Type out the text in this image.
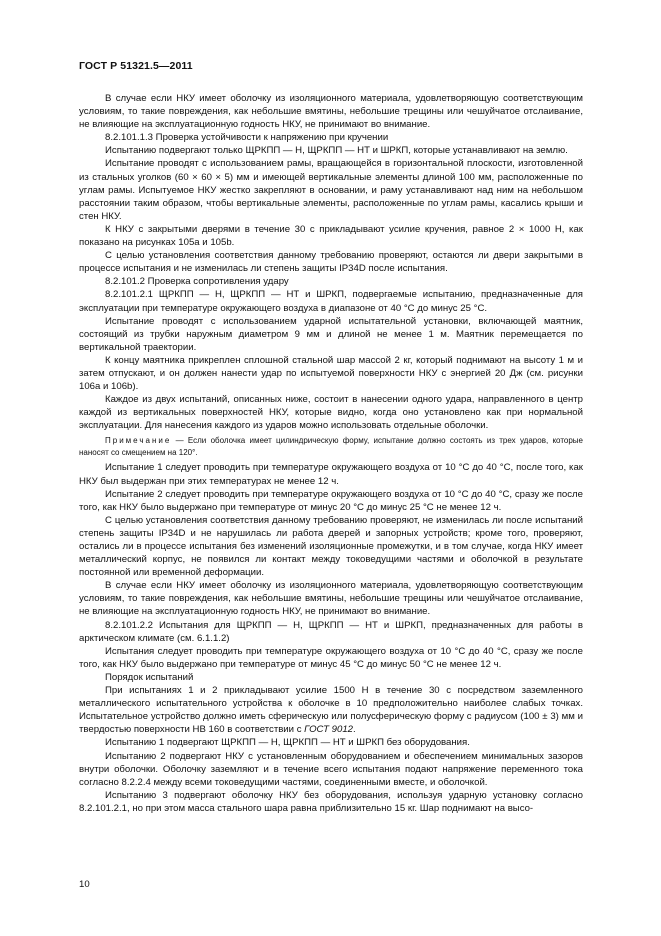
ГОСТ Р 51321.5—2011

В случае если НКУ имеет оболочку из изоляционного материала, удовлетворяющую соответствующим условиям, то такие повреждения, как небольшие вмятины, небольшие трещины или чешуйчатое отслаивание, не влияющие на эксплуатационную годность НКУ, не принимают во внимание.

8.2.101.1.3 Проверка устойчивости к напряжению при кручении

Испытанию подвергают только ЩРКПП — Н, ЩРКПП — НТ и ШРКП, которые устанавливают на землю.

Испытание проводят с использованием рамы, вращающейся в горизонтальной плоскости, изготовленной из стальных уголков (60 × 60 × 5) мм и имеющей вертикальные элементы длиной 100 мм, расположенные по углам рамы. Испытуемое НКУ жестко закрепляют в основании, и раму устанавливают над ним на небольшом расстоянии таким образом, чтобы вертикальные элементы, расположенные по углам рамы, касались крыши и стен НКУ.

К НКУ с закрытыми дверями в течение 30 с прикладывают усилие кручения, равное 2 × 1000 Н, как показано на рисунках 105а и 105b.

С целью установления соответствия данному требованию проверяют, остаются ли двери закрытыми в процессе испытания и не изменилась ли степень защиты IP34D после испытания.

8.2.101.2 Проверка сопротивления удару

8.2.101.2.1 ЩРКПП — Н, ЩРКПП — НТ и ШРКП, подвергаемые испытанию, предназначенные для эксплуатации при температуре окружающего воздуха в диапазоне от 40 °С до минус 25 °С.

Испытание проводят с использованием ударной испытательной установки, включающей маятник, состоящий из трубки наружным диаметром 9 мм и длиной не менее 1 м. Маятник перемещается по вертикальной траектории.

К концу маятника прикреплен сплошной стальной шар массой 2 кг, который поднимают на высоту 1 м и затем отпускают, и он должен нанести удар по испытуемой поверхности НКУ с энергией 20 Дж (см. рисунки 106а и 106b).

Каждое из двух испытаний, описанных ниже, состоит в нанесении одного удара, направленного в центр каждой из вертикальных поверхностей НКУ, которые видно, когда оно установлено как при нормальной эксплуатации. Для нанесения каждого из ударов можно использовать отдельные оболочки.

Примечание — Если оболочка имеет цилиндрическую форму, испытание должно состоять из трех ударов, которые наносят со смещением на 120°.

Испытание 1 следует проводить при температуре окружающего воздуха от 10 °С до 40 °С, после того, как НКУ был выдержан при этих температурах не менее 12 ч.

Испытание 2 следует проводить при температуре окружающего воздуха от 10 °С до 40 °С, сразу же после того, как НКУ было выдержано при температуре от минус 20 °С до минус 25 °С не менее 12 ч.

С целью установления соответствия данному требованию проверяют, не изменилась ли после испытаний степень защиты IP34D и не нарушилась ли работа дверей и запорных устройств; кроме того, проверяют, остались ли в процессе испытания без изменений изоляционные промежутки, и в том случае, когда НКУ имеет металлический корпус, не появился ли контакт между токоведущими частями и оболочкой в результате постоянной или временной деформации.

В случае если НКУ имеет оболочку из изоляционного материала, удовлетворяющую соответствующим условиям, то такие повреждения, как небольшие вмятины, небольшие трещины или чешуйчатое отслаивание, не влияющие на эксплуатационную годность НКУ, не принимают во внимание.

8.2.101.2.2 Испытания для ЩРКПП — Н, ЩРКПП — НТ и ШРКП, предназначенных для работы в арктическом климате (см. 6.1.1.2)

Испытания следует проводить при температуре окружающего воздуха от 10 °С до 40 °С, сразу же после того, как НКУ было выдержано при температуре от минус 45 °С до минус 50 °С не менее 12 ч.

Порядок испытаний

При испытаниях 1 и 2 прикладывают усилие 1500 Н в течение 30 с посредством заземленного металлического испытательного устройства к оболочке в 10 предположительно наиболее слабых точках. Испытательное устройство должно иметь сферическую или полусферическую форму с радиусом (100 ± 3) мм и твердостью поверхности НВ 160 в соответствии с ГОСТ 9012.

Испытанию 1 подвергают ЩРКПП — Н, ЩРКПП — НТ и ШРКП без оборудования.

Испытанию 2 подвергают НКУ с установленным оборудованием и обеспечением минимальных зазоров внутри оболочки. Оболочку заземляют и в течение всего испытания подают напряжение переменного тока согласно 8.2.2.4 между всеми токоведущими частями, соединенными вместе, и оболочкой.

Испытанию 3 подвергают оболочку НКУ без оборудования, используя ударную установку согласно 8.2.101.2.1, но при этом масса стального шара равна приблизительно 15 кг. Шар поднимают на высо-

10
